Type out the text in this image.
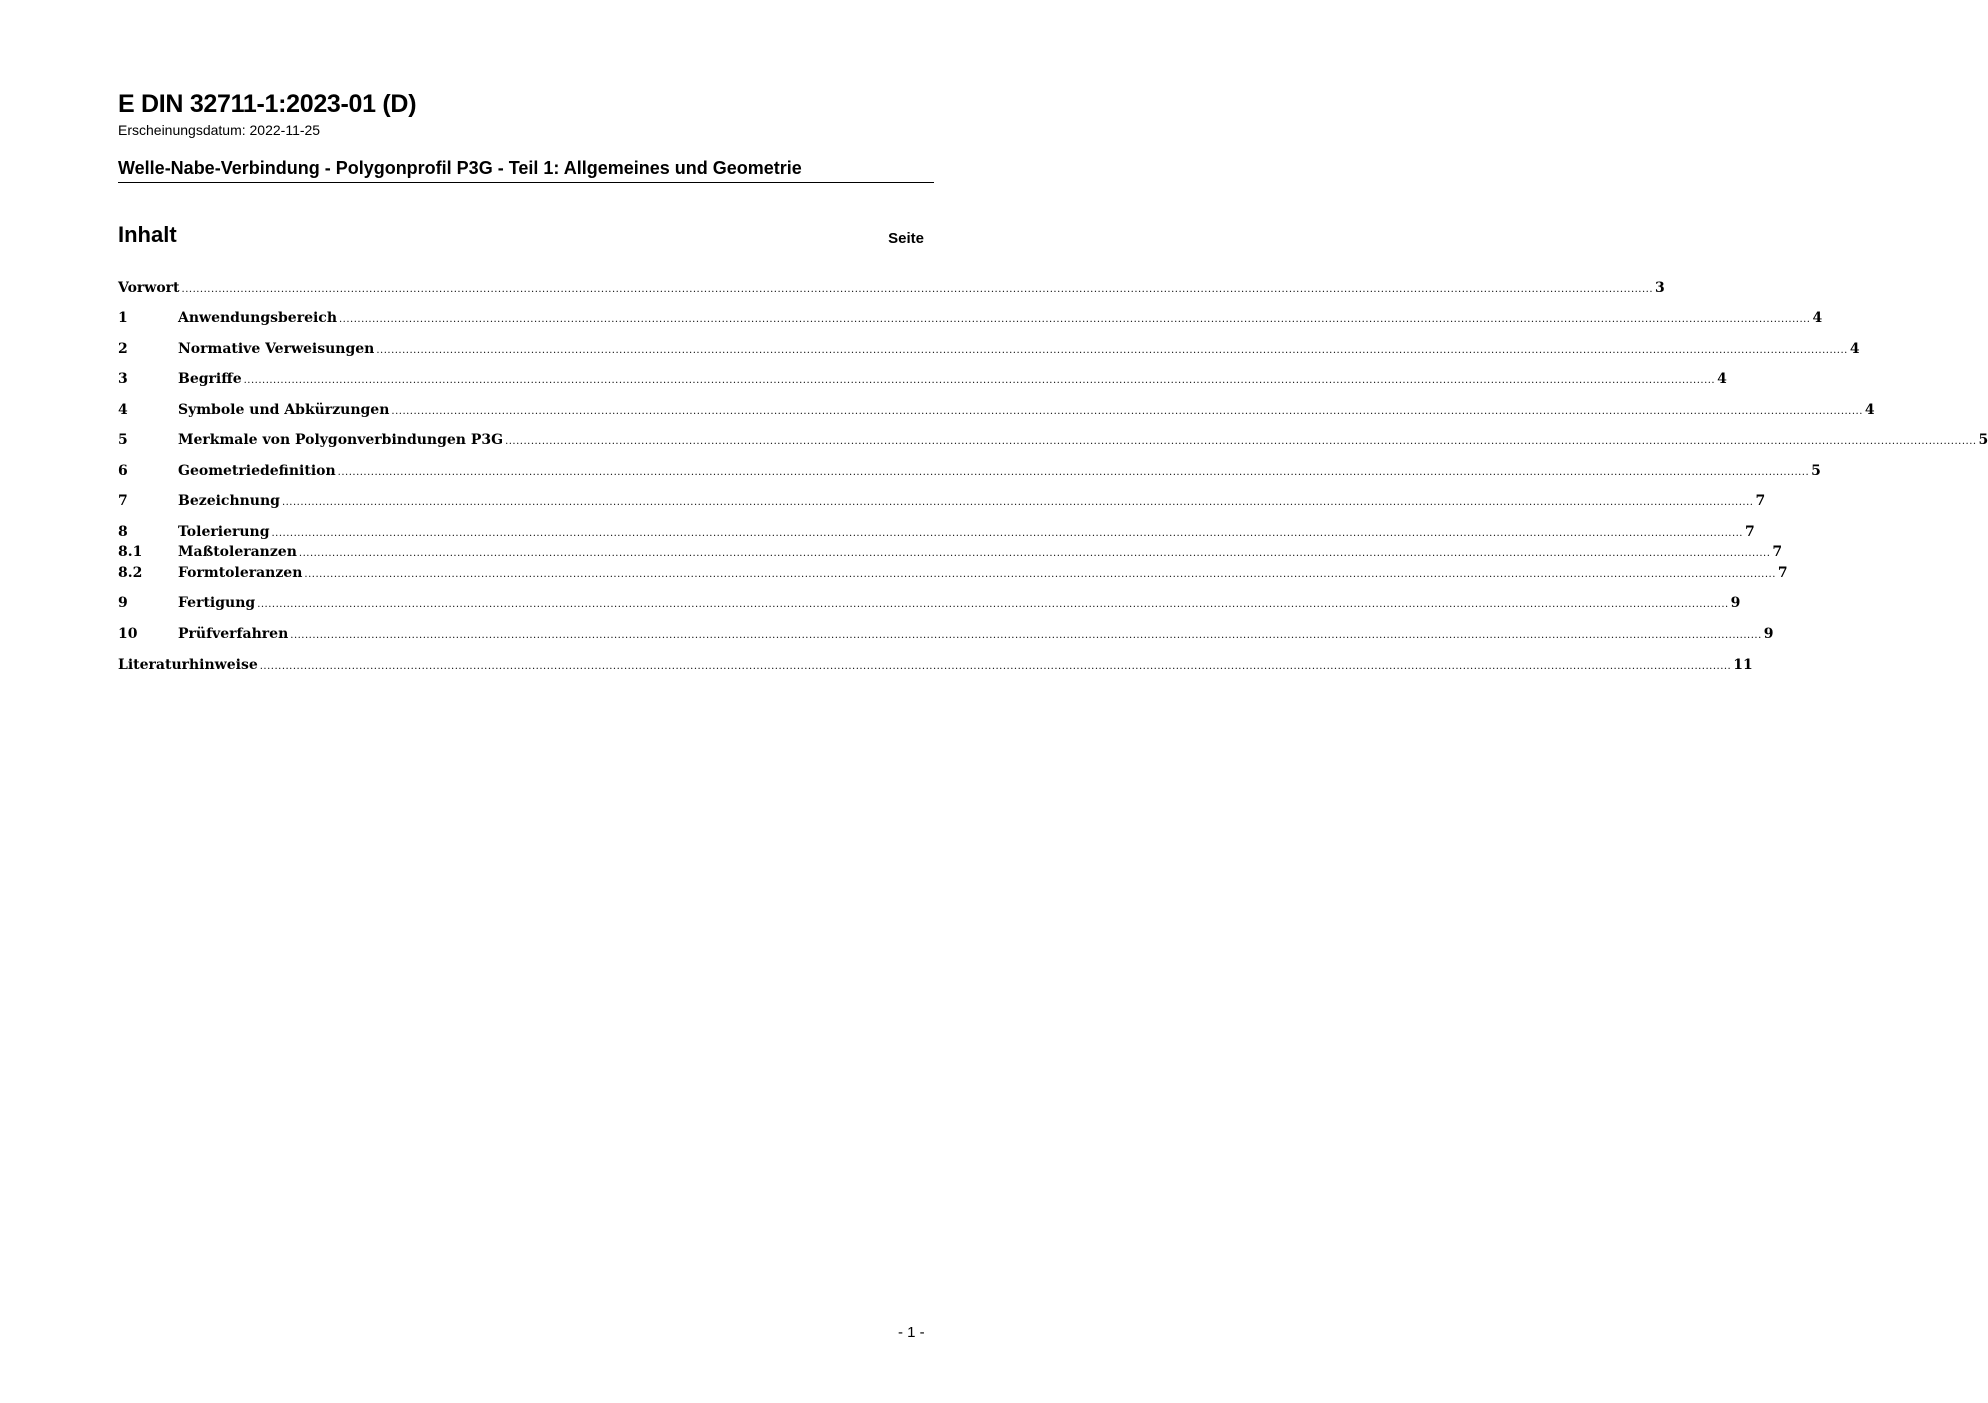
E DIN 32711-1:2023-01 (D)
Erscheinungsdatum: 2022-11-25
Welle-Nabe-Verbindung - Polygonprofil P3G - Teil 1: Allgemeines und Geometrie
Inhalt	Seite
Vorwort ................................................................................................................................................................................................................................................................................................................................................................................................................ 3
1	Anwendungsbereich ................................................................................................................................................................................................................................................................................................................................................................................................................ 4
2	Normative Verweisungen ................................................................................................................................................................................................................................................................................................................................................................................................................ 4
3	Begriffe ................................................................................................................................................................................................................................................................................................................................................................................................................ 4
4	Symbole und Abkürzungen ................................................................................................................................................................................................................................................................................................................................................................................................................ 4
5	Merkmale von Polygonverbindungen P3G ................................................................................................................................................................................................................................................................................................................................................................................................................ 5
6	Geometriedefinition ................................................................................................................................................................................................................................................................................................................................................................................................................ 5
7	Bezeichnung ................................................................................................................................................................................................................................................................................................................................................................................................................ 7
8	Tolerierung ................................................................................................................................................................................................................................................................................................................................................................................................................ 7
8.1	Maßtoleranzen ................................................................................................................................................................................................................................................................................................................................................................................................................ 7
8.2	Formtoleranzen ................................................................................................................................................................................................................................................................................................................................................................................................................ 7
9	Fertigung ................................................................................................................................................................................................................................................................................................................................................................................................................ 9
10	Prüfverfahren ................................................................................................................................................................................................................................................................................................................................................................................................................ 9
Literaturhinweise ................................................................................................................................................................................................................................................................................................................................................................................................................ 11
- 1 -
